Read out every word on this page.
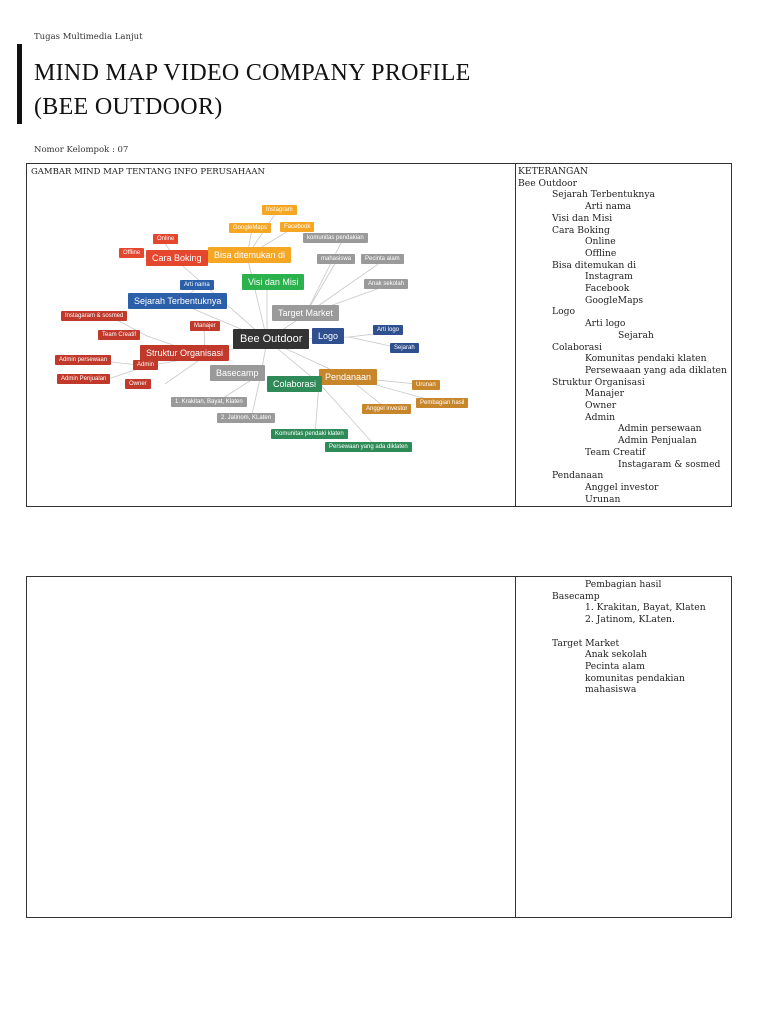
Tugas Multimedia Lanjut
MIND MAP VIDEO COMPANY PROFILE
(BEE OUTDOOR)
Nomor Kelompok : 07
GAMBAR MIND MAP TENTANG INFO PERUSAHAAN
Instagram
GoogleMaps	Facebook
Online
Offline	Cara Boking	Bisa ditemukan di
komunitas pendakian
mahasiswa	Pecinta alam
Visi dan Misi	Anak sekolah
Arti nama
Sejarah Terbentuknya
Target Market
Instagaram & sosmed
Manajer
Team Creatif	Bee Outdoor	Logo
Arti logo
Sejarah
Admin persewaan
Admin
Struktur Organisasi
Admin Penjualan
Basecamp	Pendanaan
Urunan
Owner	Colaborasi
Anggel investor
Pembagian hasil
1. Krakitan, Bayat, Klaten
2. Jatinom, KLaten
Komunitas pendaki klaten
Persewaan yang ada diklaten
KETERANGAN
Bee Outdoor
Sejarah Terbentuknya
Arti nama
Visi dan Misi
Cara Boking
Online
Offline
Bisa ditemukan di
Instagram
Facebook
GoogleMaps
Logo
Arti logo
Sejarah
Colaborasi
Komunitas pendaki klaten
Persewaaan yang ada diklaten
Struktur Organisasi
Manajer
Owner
Admin
Admin persewaan
Admin Penjualan
Team Creatif
Instagaram & sosmed
Pendanaan
Anggel investor
Urunan
Pembagian hasil
Basecamp
1. Krakitan, Bayat, Klaten
2. Jatinom, KLaten.
Target Market
Anak sekolah
Pecinta alam
komunitas pendakian
mahasiswa
